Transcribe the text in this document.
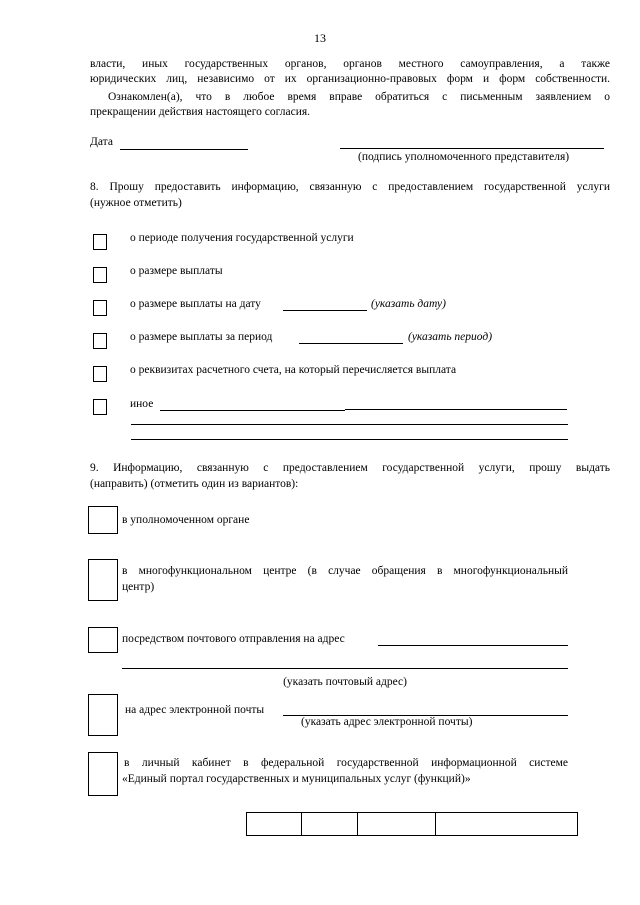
13
власти, иных государственных органов, органов местного самоуправления, а также
юридических лиц, независимо от их организационно-правовых форм и форм собственности.
Ознакомлен(а), что в любое время вправе обратиться с письменным заявлением о
прекращении действия настоящего согласия.
Дата
(подпись уполномоченного представителя)
8. Прошу предоставить информацию, связанную с предоставлением государственной услуги
(нужное отметить)
о периоде получения государственной услуги
о размере выплаты
о размере выплаты на дату	(указать дату)
о размере выплаты за период	(указать период)
о реквизитах расчетного счета, на который перечисляется выплата
иное
9. Информацию, связанную с предоставлением государственной услуги, прошу выдать
(направить) (отметить один из вариантов):
в уполномоченном органе
в многофункциональном центре (в случае обращения в многофункциональный
центр)
посредством почтового отправления на адрес
(указать почтовый адрес)
на адрес электронной почты
(указать адрес электронной почты)
в личный кабинет в федеральной государственной информационной системе
«Единый портал государственных и муниципальных услуг (функций)»
